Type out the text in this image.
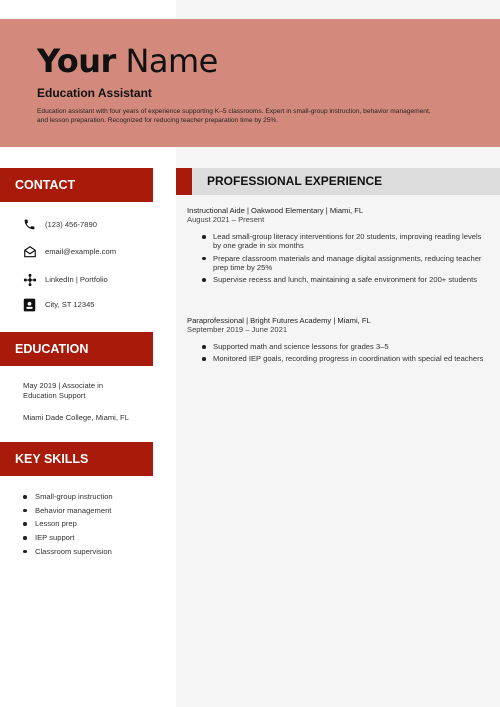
Your Name
Education Assistant
Education assistant with four years of experience supporting K–5 classrooms. Expert in small-group instruction, behavior management, and lesson preparation. Recognized for reducing teacher preparation time by 25%.
CONTACT
(123) 456-7890
email@example.com
LinkedIn | Portfolio
City, ST 12345
EDUCATION
May 2019 | Associate in Education Support
Miami Dade College, Miami, FL
KEY SKILLS
Small-group instruction
Behavior management
Lesson prep
IEP support
Classroom supervision
PROFESSIONAL EXPERIENCE
Instructional Aide | Oakwood Elementary | Miami, FL
August 2021 – Present
Lead small-group literacy interventions for 20 students, improving reading levels by one grade in six months
Prepare classroom materials and manage digital assignments, reducing teacher prep time by 25%
Supervise recess and lunch, maintaining a safe environment for 200+ students
Paraprofessional | Bright Futures Academy | Miami, FL
September 2019 – June 2021
Supported math and science lessons for grades 3–5
Monitored IEP goals, recording progress in coordination with special ed teachers
